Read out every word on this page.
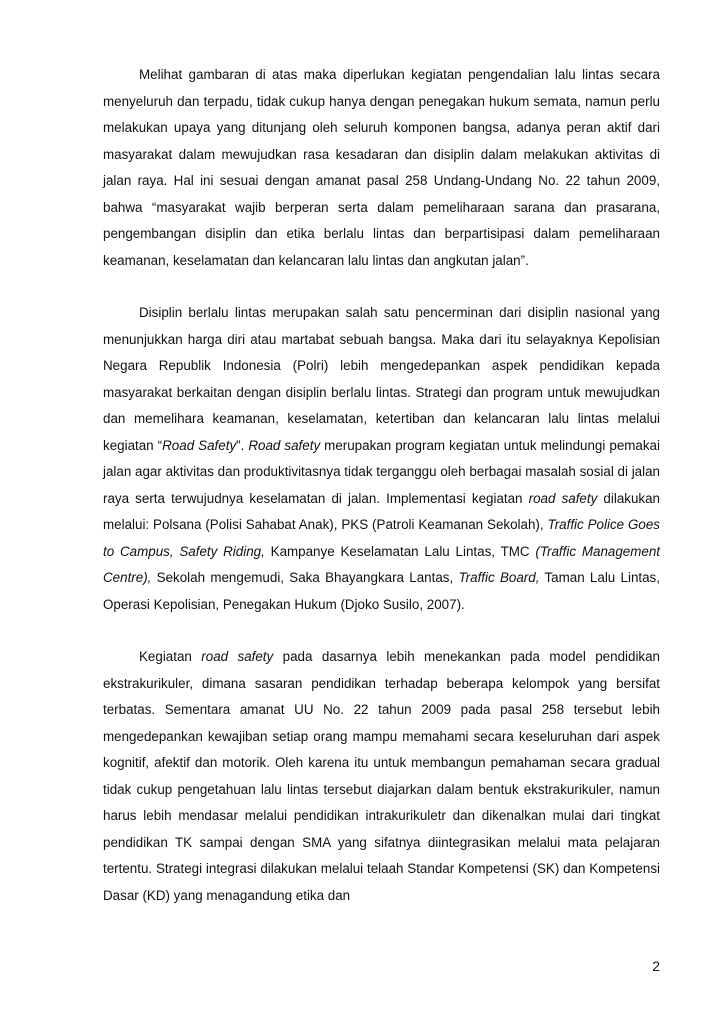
Melihat gambaran di atas maka diperlukan kegiatan pengendalian lalu lintas secara menyeluruh dan terpadu, tidak cukup hanya dengan penegakan hukum semata, namun perlu melakukan upaya yang ditunjang oleh seluruh komponen bangsa, adanya peran aktif dari masyarakat dalam mewujudkan rasa kesadaran dan disiplin dalam melakukan aktivitas di jalan raya. Hal ini sesuai dengan amanat pasal 258 Undang-Undang No. 22 tahun 2009, bahwa “masyarakat wajib berperan serta dalam pemeliharaan sarana dan prasarana, pengembangan disiplin dan etika berlalu lintas dan berpartisipasi dalam pemeliharaan keamanan, keselamatan dan kelancaran lalu lintas dan angkutan jalan”.

Disiplin berlalu lintas merupakan salah satu pencerminan dari disiplin nasional yang menunjukkan harga diri atau martabat sebuah bangsa. Maka dari itu selayaknya Kepolisian Negara Republik Indonesia (Polri) lebih mengedepankan aspek pendidikan kepada masyarakat berkaitan dengan disiplin berlalu lintas. Strategi dan program untuk mewujudkan dan memelihara keamanan, keselamatan, ketertiban dan kelancaran lalu lintas melalui kegiatan “Road Safety”. Road safety merupakan program kegiatan untuk melindungi pemakai jalan agar aktivitas dan produktivitasnya tidak terganggu oleh berbagai masalah sosial di jalan raya serta terwujudnya keselamatan di jalan. Implementasi kegiatan road safety dilakukan melalui: Polsana (Polisi Sahabat Anak), PKS (Patroli Keamanan Sekolah), Traffic Police Goes to Campus, Safety Riding, Kampanye Keselamatan Lalu Lintas, TMC (Traffic Management Centre), Sekolah mengemudi, Saka Bhayangkara Lantas, Traffic Board, Taman Lalu Lintas, Operasi Kepolisian, Penegakan Hukum (Djoko Susilo, 2007).

Kegiatan road safety pada dasarnya lebih menekankan pada model pendidikan ekstrakurikuler, dimana sasaran pendidikan terhadap beberapa kelompok yang bersifat terbatas. Sementara amanat UU No. 22 tahun 2009 pada pasal 258 tersebut lebih mengedepankan kewajiban setiap orang mampu memahami secara keseluruhan dari aspek kognitif, afektif dan motorik. Oleh karena itu untuk membangun pemahaman secara gradual tidak cukup pengetahuan lalu lintas tersebut diajarkan dalam bentuk ekstrakurikuler, namun harus lebih mendasar melalui pendidikan intrakurikuletr dan dikenalkan mulai dari tingkat pendidikan TK sampai dengan SMA yang sifatnya diintegrasikan melalui mata pelajaran tertentu. Strategi integrasi dilakukan melalui telaah Standar Kompetensi (SK) dan Kompetensi Dasar (KD) yang menagandung etika dan

2
